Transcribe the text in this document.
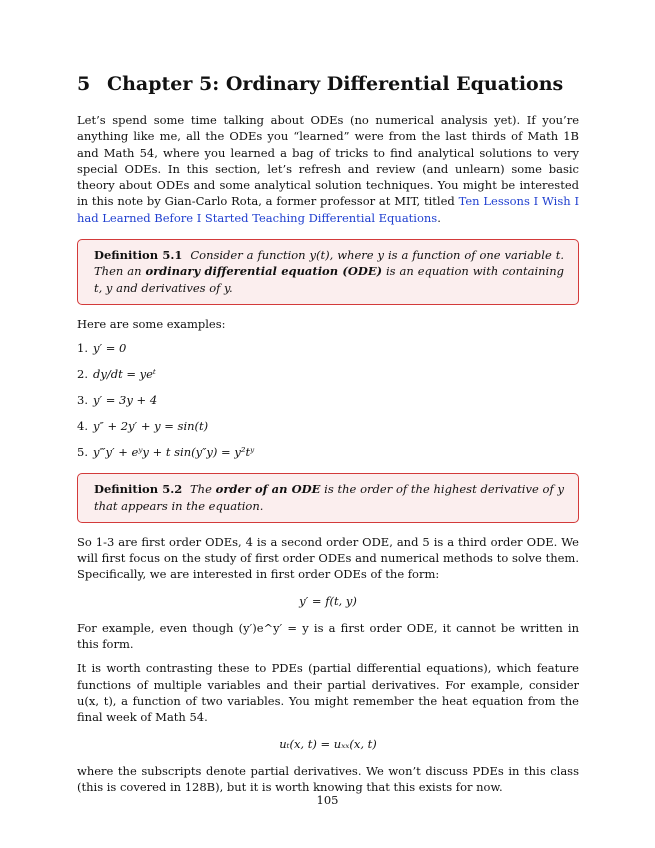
5 Chapter 5: Ordinary Differential Equations

Let’s spend some time talking about ODEs (no numerical analysis yet). If you’re anything like me, all the ODEs you “learned” were from the last thirds of Math 1B and Math 54, where you learned a bag of tricks to find analytical solutions to very special ODEs. In this section, let’s refresh and review (and unlearn) some basic theory about ODEs and some analytical solution techniques. You might be interested in this note by Gian-Carlo Rota, a former professor at MIT, titled Ten Lessons I Wish I had Learned Before I Started Teaching Differential Equations.

Definition 5.1 Consider a function y(t), where y is a function of one variable t. Then an ordinary differential equation (ODE) is an equation with containing t, y and derivatives of y.

Here are some examples:

1. y′ = 0
2. dy/dt = yeᵗ
3. y′ = 3y + 4
4. y″ + 2y′ + y = sin(t)
5. y‴y′ + eʸy + t sin(y″y) = y²tʸ
Definition 5.2 The order of an ODE is the order of the highest derivative of y that appears in the equation.

So 1-3 are first order ODEs, 4 is a second order ODE, and 5 is a third order ODE. We will first focus on the study of first order ODEs and numerical methods to solve them. Specifically, we are interested in first order ODEs of the form:

y′ = f(t, y)

For example, even though (y′)e^y′ = y is a first order ODE, it cannot be written in this form.

It is worth contrasting these to PDEs (partial differential equations), which feature functions of multiple variables and their partial derivatives. For example, consider u(x, t), a function of two variables. You might remember the heat equation from the final week of Math 54.

uₜ(x, t) = uₓₓ(x, t)

where the subscripts denote partial derivatives. We won’t discuss PDEs in this class (this is covered in 128B), but it is worth knowing that this exists for now.

105
